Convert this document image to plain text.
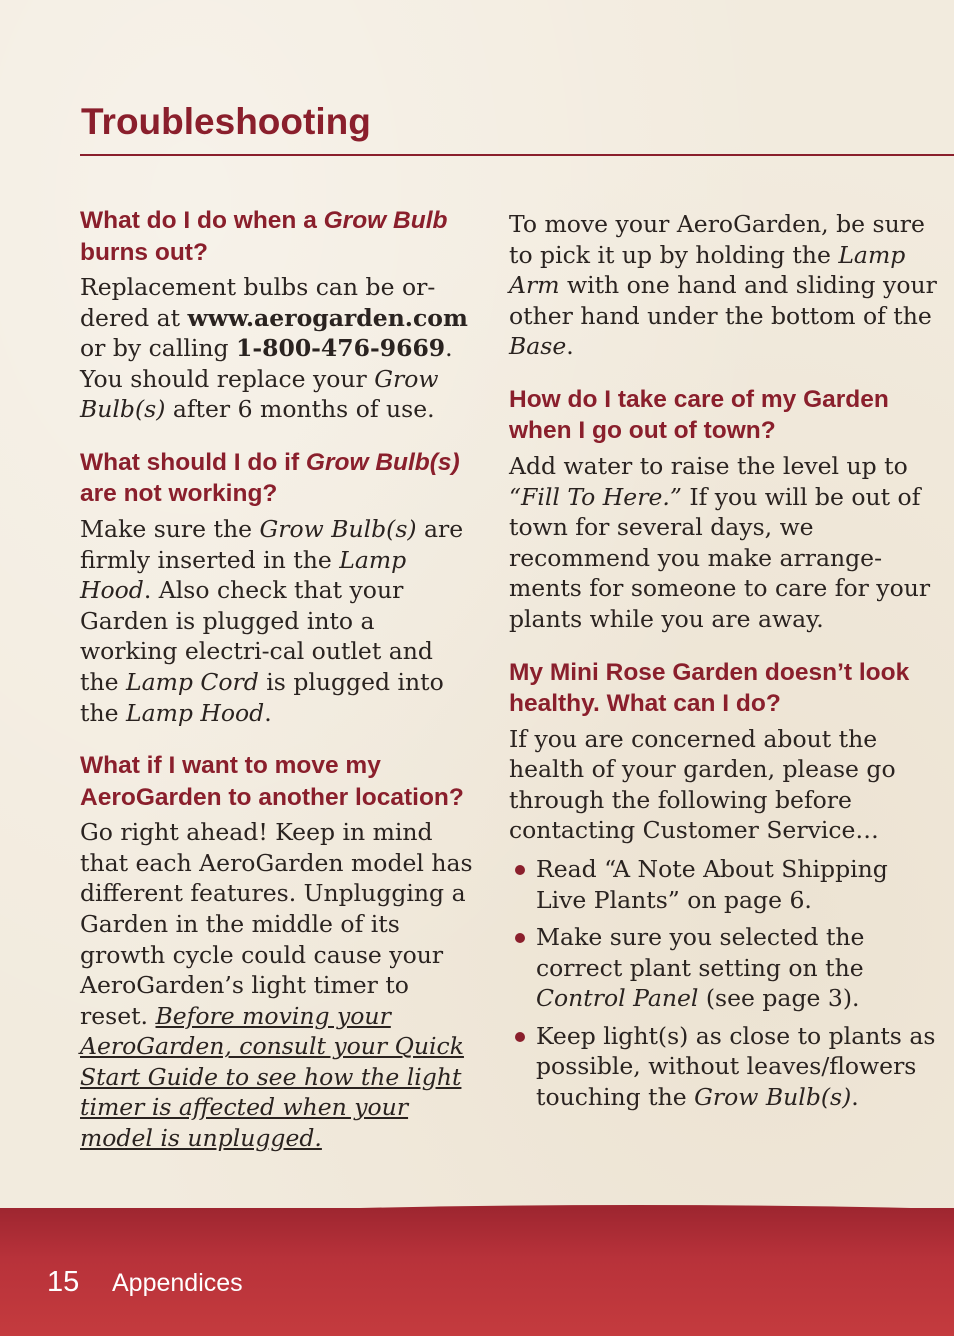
Troubleshooting
What do I do when a Grow Bulb burns out?

Replacement bulbs can be or-dered at www.aerogarden.com or by calling 1-800-476-9669. You should replace your Grow Bulb(s) after 6 months of use.

What should I do if Grow Bulb(s) are not working?

Make sure the Grow Bulb(s) are firmly inserted in the Lamp Hood. Also check that your Garden is plugged into a working electri-cal outlet and the Lamp Cord is plugged into the Lamp Hood.

What if I want to move my AeroGarden to another location?

Go right ahead! Keep in mind that each AeroGarden model has different features. Unplugging a Garden in the middle of its growth cycle could cause your AeroGarden’s light timer to reset. Before moving your AeroGarden, consult your Quick Start Guide to see how the light timer is affected when your model is unplugged.

To move your AeroGarden, be sure to pick it up by holding the Lamp Arm with one hand and sliding your other hand under the bottom of the Base.

How do I take care of my Garden when I go out of town?

Add water to raise the level up to “Fill To Here.” If you will be out of town for several days, we recommend you make arrange-ments for someone to care for your plants while you are away.

My Mini Rose Garden doesn’t look healthy. What can I do?

If you are concerned about the health of your garden, please go through the following before contacting Customer Service…

Read “A Note About Shipping Live Plants” on page 6.
Make sure you selected the correct plant setting on the Control Panel (see page 3).
Keep light(s) as close to plants as possible, without leaves/flowers touching the Grow Bulb(s).
15 Appendices
